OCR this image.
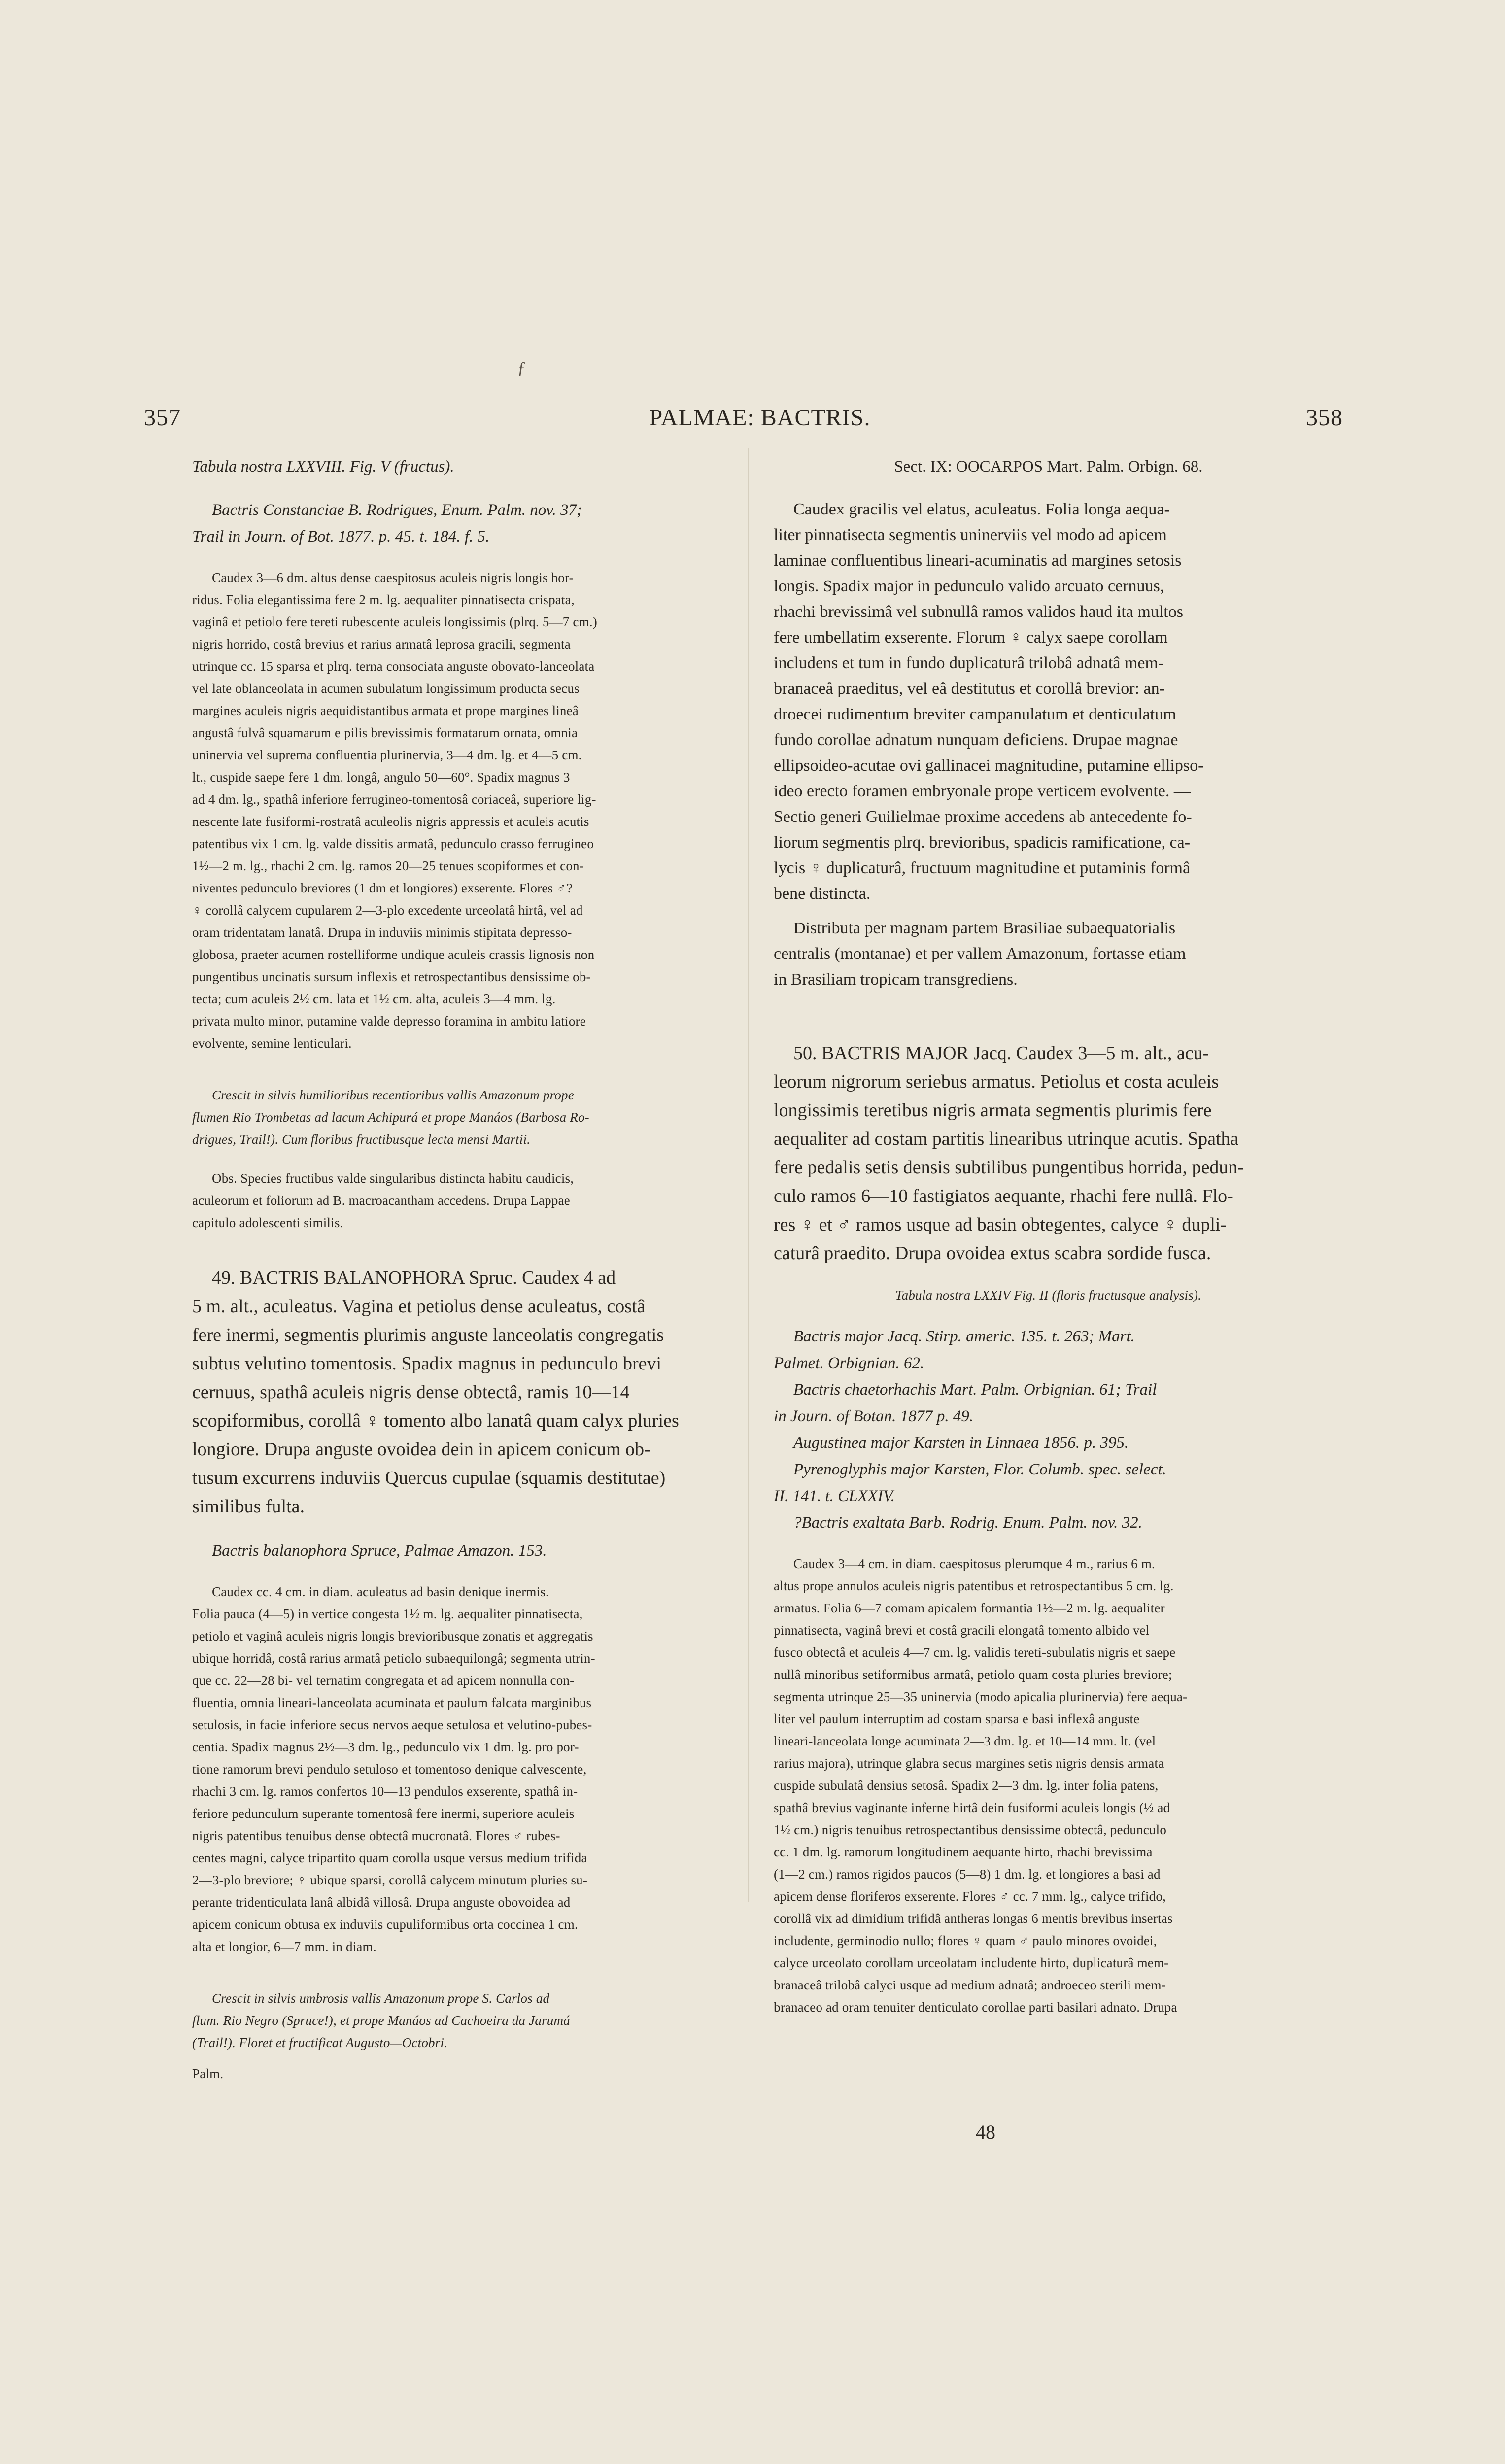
ƒ
357	PALMAE: BACTRIS.	358
Tabula nostra LXXVIII. Fig. V (fructus).
Bactris Constanciae B. Rodrigues, Enum. Palm. nov. 37;
Trail in Journ. of Bot. 1877. p. 45. t. 184. f. 5.
Caudex 3—6 dm. altus dense caespitosus aculeis nigris longis hor-
ridus. Folia elegantissima fere 2 m. lg. aequaliter pinnatisecta crispata,
vaginâ et petiolo fere tereti rubescente aculeis longissimis (plrq. 5—7 cm.)
nigris horrido, costâ brevius et rarius armatâ leprosa gracili, segmenta
utrinque cc. 15 sparsa et plrq. terna consociata anguste obovato-lanceolata
vel late oblanceolata in acumen subulatum longissimum producta secus
margines aculeis nigris aequidistantibus armata et prope margines lineâ
angustâ fulvâ squamarum e pilis brevissimis formatarum ornata, omnia
uninervia vel suprema confluentia plurinervia, 3—4 dm. lg. et 4—5 cm.
lt., cuspide saepe fere 1 dm. longâ, angulo 50—60°. Spadix magnus 3
ad 4 dm. lg., spathâ inferiore ferrugineo-tomentosâ coriaceâ, superiore lig-
nescente late fusiformi-rostratâ aculeolis nigris appressis et aculeis acutis
patentibus vix 1 cm. lg. valde dissitis armatâ, pedunculo crasso ferrugineo
1½—2 m. lg., rhachi 2 cm. lg. ramos 20—25 tenues scopiformes et con-
niventes pedunculo breviores (1 dm et longiores) exserente. Flores ♂?
♀ corollâ calycem cupularem 2—3-plo excedente urceolatâ hirtâ, vel ad
oram tridentatam lanatâ. Drupa in induviis minimis stipitata depresso-
globosa, praeter acumen rostelliforme undique aculeis crassis lignosis non
pungentibus uncinatis sursum inflexis et retrospectantibus densissime ob-
tecta; cum aculeis 2½ cm. lata et 1½ cm. alta, aculeis 3—4 mm. lg.
privata multo minor, putamine valde depresso foramina in ambitu latiore
evolvente, semine lenticulari.
Crescit in silvis humilioribus recentioribus vallis Amazonum prope
flumen Rio Trombetas ad lacum Achipurá et prope Manáos (Barbosa Ro-
drigues, Trail!). Cum floribus fructibusque lecta mensi Martii.
Obs. Species fructibus valde singularibus distincta habitu caudicis,
aculeorum et foliorum ad B. macroacantham accedens. Drupa Lappae
capitulo adolescenti similis.
49. BACTRIS BALANOPHORA Spruc. Caudex 4 ad
5 m. alt., aculeatus. Vagina et petiolus dense aculeatus, costâ
fere inermi, segmentis plurimis anguste lanceolatis congregatis
subtus velutino tomentosis. Spadix magnus in pedunculo brevi
cernuus, spathâ aculeis nigris dense obtectâ, ramis 10—14
scopiformibus, corollâ ♀ tomento albo lanatâ quam calyx pluries
longiore. Drupa anguste ovoidea dein in apicem conicum ob-
tusum excurrens induviis Quercus cupulae (squamis destitutae)
similibus fulta.
Bactris balanophora Spruce, Palmae Amazon. 153.
Caudex cc. 4 cm. in diam. aculeatus ad basin denique inermis.
Folia pauca (4—5) in vertice congesta 1½ m. lg. aequaliter pinnatisecta,
petiolo et vaginâ aculeis nigris longis brevioribusque zonatis et aggregatis
ubique horridâ, costâ rarius armatâ petiolo subaequilongâ; segmenta utrin-
que cc. 22—28 bi- vel ternatim congregata et ad apicem nonnulla con-
fluentia, omnia lineari-lanceolata acuminata et paulum falcata marginibus
setulosis, in facie inferiore secus nervos aeque setulosa et velutino-pubes-
centia. Spadix magnus 2½—3 dm. lg., pedunculo vix 1 dm. lg. pro por-
tione ramorum brevi pendulo setuloso et tomentoso denique calvescente,
rhachi 3 cm. lg. ramos confertos 10—13 pendulos exserente, spathâ in-
feriore pedunculum superante tomentosâ fere inermi, superiore aculeis
nigris patentibus tenuibus dense obtectâ mucronatâ. Flores ♂ rubes-
centes magni, calyce tripartito quam corolla usque versus medium trifida
2—3-plo breviore; ♀ ubique sparsi, corollâ calycem minutum pluries su-
perante tridenticulata lanâ albidâ villosâ. Drupa anguste obovoidea ad
apicem conicum obtusa ex induviis cupuliformibus orta coccinea 1 cm.
alta et longior, 6—7 mm. in diam.
Crescit in silvis umbrosis vallis Amazonum prope S. Carlos ad
flum. Rio Negro (Spruce!), et prope Manáos ad Cachoeira da Jarumá
(Trail!). Floret et fructificat Augusto—Octobri.
Palm.
Sect. IX: OOCARPOS Mart. Palm. Orbign. 68.
Caudex gracilis vel elatus, aculeatus. Folia longa aequa-
liter pinnatisecta segmentis uninerviis vel modo ad apicem
laminae confluentibus lineari-acuminatis ad margines setosis
longis. Spadix major in pedunculo valido arcuato cernuus,
rhachi brevissimâ vel subnullâ ramos validos haud ita multos
fere umbellatim exserente. Florum ♀ calyx saepe corollam
includens et tum in fundo duplicaturâ trilobâ adnatâ mem-
branaceâ praeditus, vel eâ destitutus et corollâ brevior: an-
droecei rudimentum breviter campanulatum et denticulatum
fundo corollae adnatum nunquam deficiens. Drupae magnae
ellipsoideo-acutae ovi gallinacei magnitudine, putamine ellipso-
ideo erecto foramen embryonale prope verticem evolvente. —
Sectio generi Guilielmae proxime accedens ab antecedente fo-
liorum segmentis plrq. brevioribus, spadicis ramificatione, ca-
lycis ♀ duplicaturâ, fructuum magnitudine et putaminis formâ
bene distincta.
Distributa per magnam partem Brasiliae subaequatorialis
centralis (montanae) et per vallem Amazonum, fortasse etiam
in Brasiliam tropicam transgrediens.
50. BACTRIS MAJOR Jacq. Caudex 3—5 m. alt., acu-
leorum nigrorum seriebus armatus. Petiolus et costa aculeis
longissimis teretibus nigris armata segmentis plurimis fere
aequaliter ad costam partitis linearibus utrinque acutis. Spatha
fere pedalis setis densis subtilibus pungentibus horrida, pedun-
culo ramos 6—10 fastigiatos aequante, rhachi fere nullâ. Flo-
res ♀ et ♂ ramos usque ad basin obtegentes, calyce ♀ dupli-
caturâ praedito. Drupa ovoidea extus scabra sordide fusca.
Tabula nostra LXXIV Fig. II (floris fructusque analysis).
Bactris major Jacq. Stirp. americ. 135. t. 263; Mart.
Palmet. Orbignian. 62.
Bactris chaetorhachis Mart. Palm. Orbignian. 61; Trail
in Journ. of Botan. 1877 p. 49.
Augustinea major Karsten in Linnaea 1856. p. 395.
Pyrenoglyphis major Karsten, Flor. Columb. spec. select.
II. 141. t. CLXXIV.
?Bactris exaltata Barb. Rodrig. Enum. Palm. nov. 32.
Caudex 3—4 cm. in diam. caespitosus plerumque 4 m., rarius 6 m.
altus prope annulos aculeis nigris patentibus et retrospectantibus 5 cm. lg.
armatus. Folia 6—7 comam apicalem formantia 1½—2 m. lg. aequaliter
pinnatisecta, vaginâ brevi et costâ gracili elongatâ tomento albido vel
fusco obtectâ et aculeis 4—7 cm. lg. validis tereti-subulatis nigris et saepe
nullâ minoribus setiformibus armatâ, petiolo quam costa pluries breviore;
segmenta utrinque 25—35 uninervia (modo apicalia plurinervia) fere aequa-
liter vel paulum interruptim ad costam sparsa e basi inflexâ anguste
lineari-lanceolata longe acuminata 2—3 dm. lg. et 10—14 mm. lt. (vel
rarius majora), utrinque glabra secus margines setis nigris densis armata
cuspide subulatâ densius setosâ. Spadix 2—3 dm. lg. inter folia patens,
spathâ brevius vaginante inferne hirtâ dein fusiformi aculeis longis (½ ad
1½ cm.) nigris tenuibus retrospectantibus densissime obtectâ, pedunculo
cc. 1 dm. lg. ramorum longitudinem aequante hirto, rhachi brevissima
(1—2 cm.) ramos rigidos paucos (5—8) 1 dm. lg. et longiores a basi ad
apicem dense floriferos exserente. Flores ♂ cc. 7 mm. lg., calyce trifido,
corollâ vix ad dimidium trifidâ antheras longas 6 mentis brevibus insertas
includente, germinodio nullo; flores ♀ quam ♂ paulo minores ovoidei,
calyce urceolato corollam urceolatam includente hirto, duplicaturâ mem-
branaceâ trilobâ calyci usque ad medium adnatâ; androeceo sterili mem-
branaceo ad oram tenuiter denticulato corollae parti basilari adnato. Drupa
48
